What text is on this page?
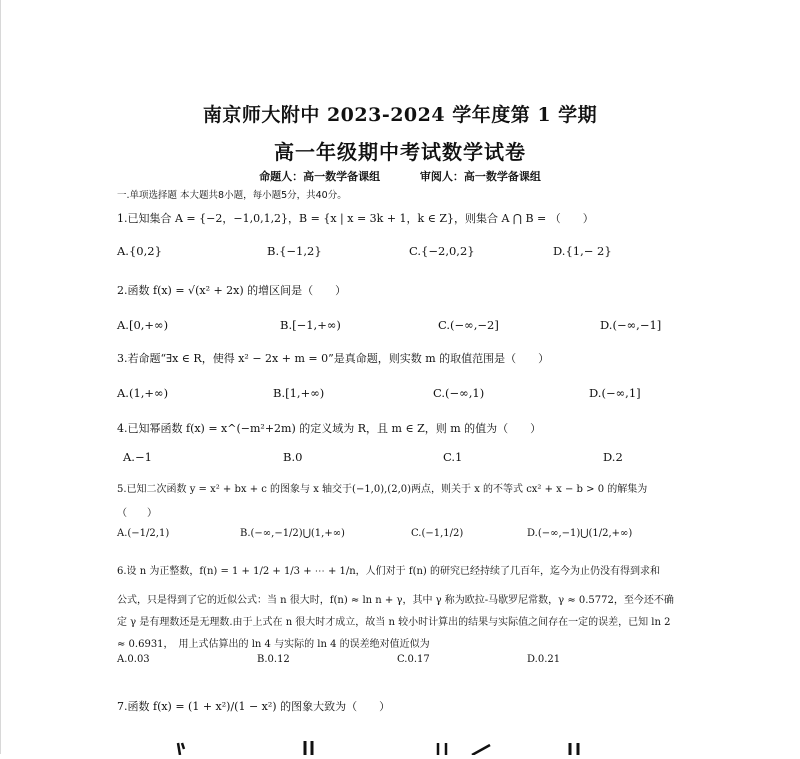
南京师大附中 2023-2024 学年度第 1 学期
高一年级期中考试数学试卷
命题人：高一数学备课组	审阅人：高一数学备课组
一.单项选择题 本大题共8小题，每小题5分，共40分。
1.已知集合 A = {−2，−1,0,1,2}，B = {x | x = 3k + 1，k ∈ Z}，则集合 A ⋂ B = （　　）
A.{0,2}	B.{−1,2}	C.{−2,0,2}	D.{1,− 2}
2.函数 f(x) = √(x² + 2x) 的增区间是（　　）
A.[0,+∞)	B.[−1,+∞)	C.(−∞,−2]	D.(−∞,−1]
3.若命题“∃x ∈ R，使得 x² − 2x + m = 0”是真命题，则实数 m 的取值范围是（　　）
A.(1,+∞)	B.[1,+∞)	C.(−∞,1)	D.(−∞,1]
4.已知幂函数 f(x) = x^(−m²+2m) 的定义域为 R，且 m ∈ Z，则 m 的值为（　　）
A.−1	B.0	C.1	D.2
5.已知二次函数 y = x² + bx + c 的图象与 x 轴交于(−1,0),(2,0)两点，则关于 x 的不等式 cx² + x − b > 0 的解集为
（　　）
A.(−1/2,1)	B.(−∞,−1/2)⋃(1,+∞)	C.(−1,1/2)	D.(−∞,−1)⋃(1/2,+∞)
6.设 n 为正整数，f(n) = 1 + 1/2 + 1/3 + ⋯ + 1/n，人们对于 f(n) 的研究已经持续了几百年，迄今为止仍没有得到求和
公式，只是得到了它的近似公式：当 n 很大时，f(n) ≈ ln n + γ，其中 γ 称为欧拉-马歇罗尼常数，γ ≈ 0.5772，至今还不确定 γ 是有理数还是无理数.由于上式在 n 很大时才成立，故当 n 较小时计算出的结果与实际值之间存在一定的误差，已知 ln 2 ≈ 0.6931，　用上式估算出的 ln 4 与实际的 ln 4 的误差绝对值近似为
A.0.03	B.0.12	C.0.17	D.0.21
7.函数 f(x) = (1 + x²)/(1 − x²) 的图象大致为（　　）
